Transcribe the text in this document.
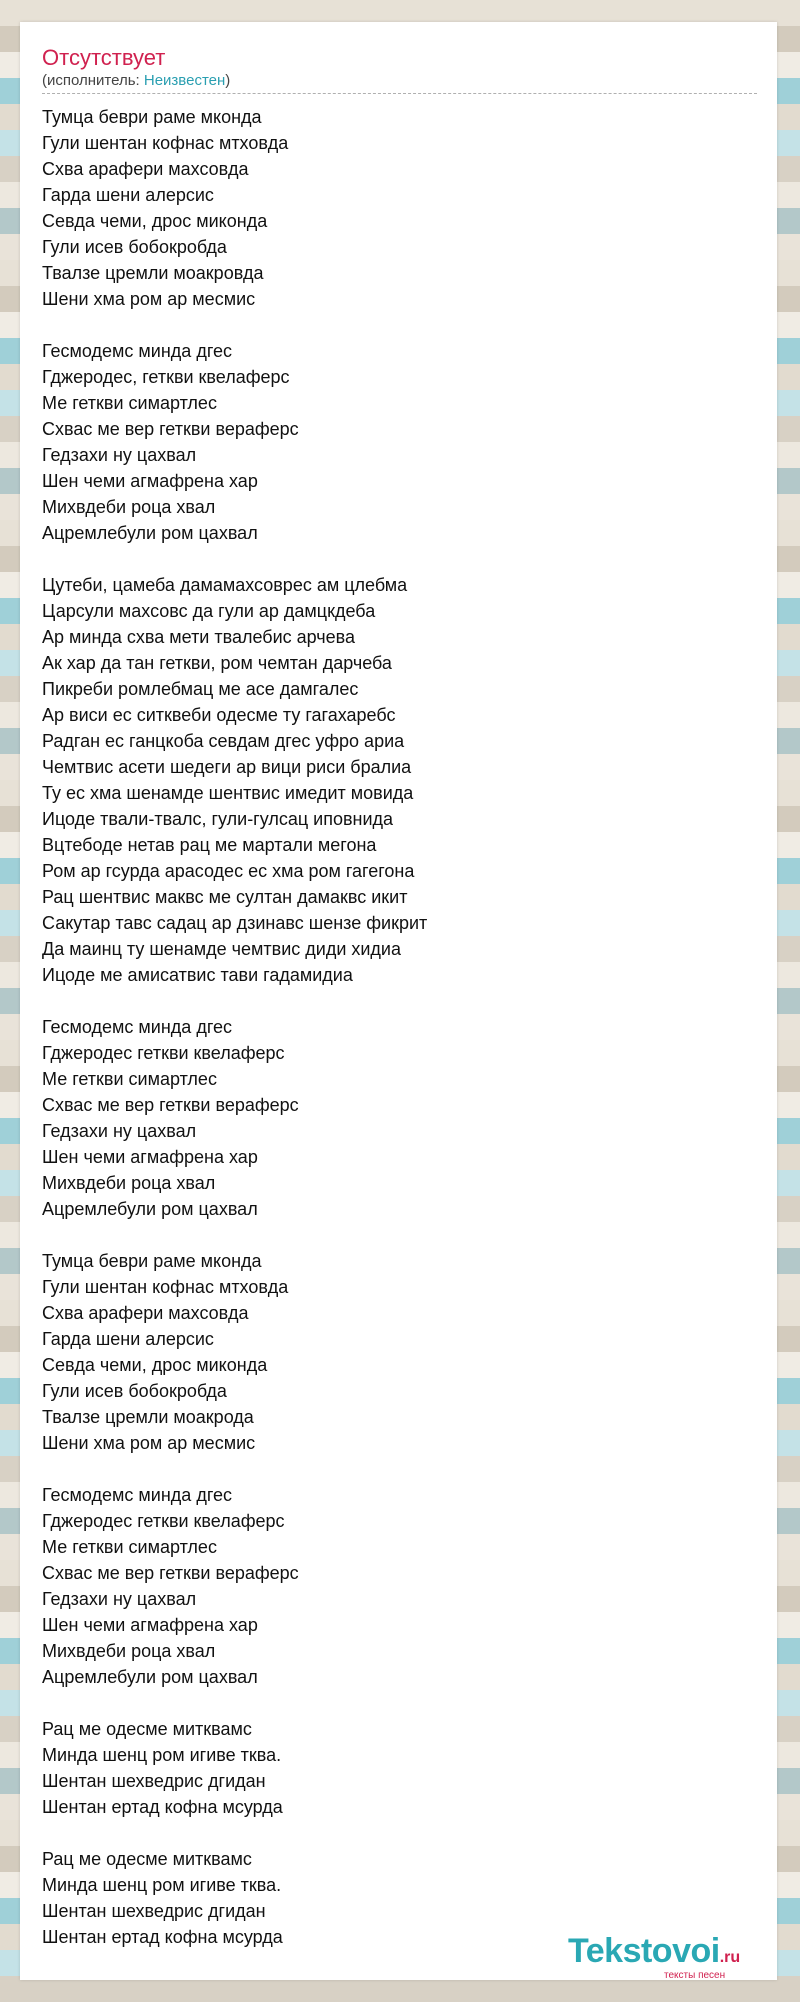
Отсутствует
(исполнитель: Неизвестен)
Тумца беври раме мконда
Гули шентан кофнас мтховда
Схва арафери махсовда
Гарда шени алерсис
Севда чеми, дрос миконда
Гули исев бобокробда
Твалзе цремли моакровда
Шени хма ром ар месмис
Гесмодемс минда дгес
Гджеродес, геткви квелаферс
Ме геткви симартлес
Схвас ме вер геткви вераферс
Гедзахи ну цахвал
Шен чеми агмафрена хар
Михвдеби роца хвал
Ацремлебули ром цахвал
Цутеби, цамеба дамамахсоврес ам цлебма
Царсули махсовс да гули ар дамцкдеба
Ар минда схва мети твалебис арчева
Ак хар да тан геткви, ром чемтан дарчеба
Пикреби ромлебмац ме асе дамгалес
Ар виси ес ситквеби одесме ту гагахаребс
Радган ес ганцкоба севдам дгес уфро ариа
Чемтвис асети шедеги ар вици риси бралиа
Ту ес хма шенамде шентвис имедит мовида
Ицоде твали-твалс, гули-гулсац иповнида
Вцтебоде нетав рац ме мартали мегона
Ром ар гсурда арасодес ес хма ром гагегона
Рац шентвис маквс ме султан дамаквс икит
Сакутар тавс садац ар дзинавс шензе фикрит
Да маинц ту шенамде чемтвис диди хидиа
Ицоде ме амисатвис тави гадамидиа
Гесмодемс минда дгес
Гджеродес геткви квелаферс
Ме геткви симартлес
Схвас ме вер геткви вераферс
Гедзахи ну цахвал
Шен чеми агмафрена хар
Михвдеби роца хвал
Ацремлебули ром цахвал
Тумца беври раме мконда
Гули шентан кофнас мтховда
Схва арафери махсовда
Гарда шени алерсис
Севда чеми, дрос миконда
Гули исев бобокробда
Твалзе цремли моакрода
Шени хма ром ар месмис
Гесмодемс минда дгес
Гджеродес геткви квелаферс
Ме геткви симартлес
Схвас ме вер геткви вераферс
Гедзахи ну цахвал
Шен чеми агмафрена хар
Михвдеби роца хвал
Ацремлебули ром цахвал
Рац ме одесме митквамс
Минда шенц ром игиве тква.
Шентан шехведрис дгидан
Шентан ертад кофна мсурда
Рац ме одесме митквамс
Минда шенц ром игиве тква.
Шентан шехведрис дгидан
Шентан ертад кофна мсурда	Tekstovoi.ru
тексты песен
